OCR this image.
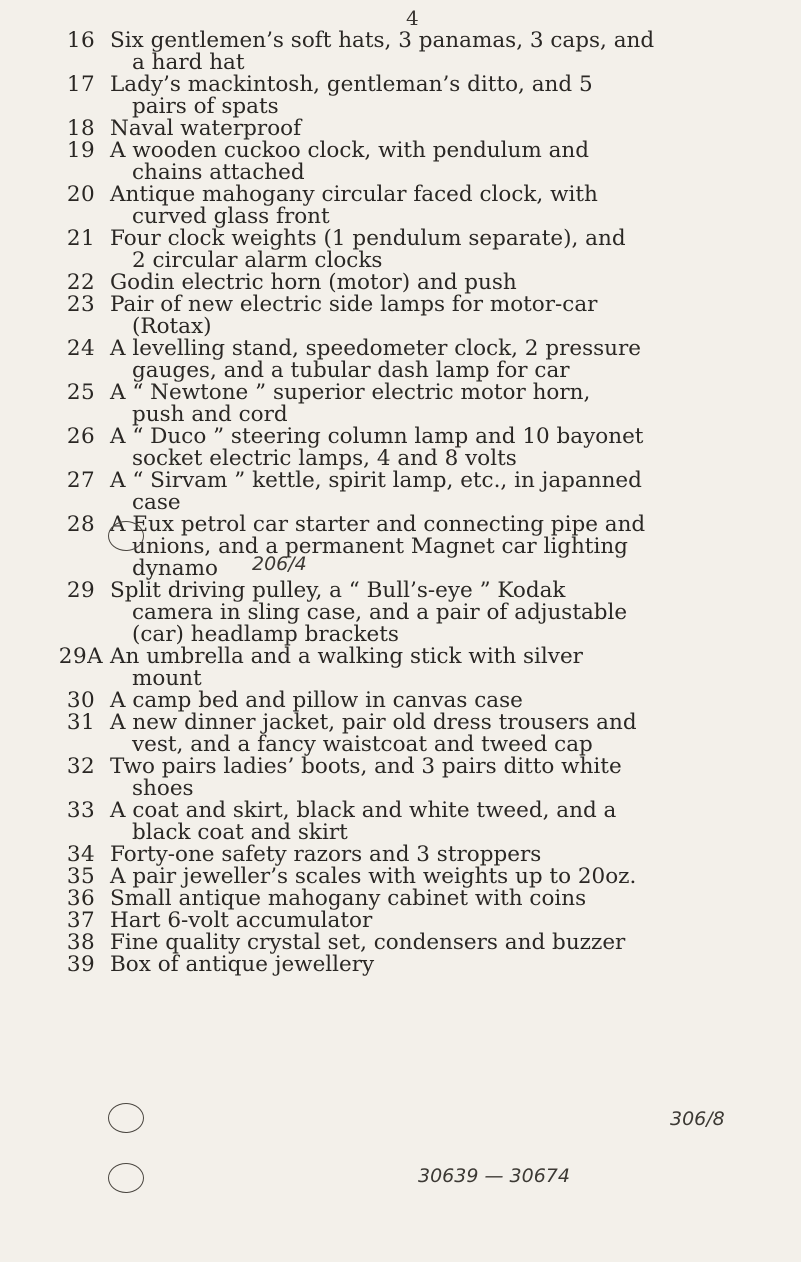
4
16 Six gentlemen’s soft hats, 3 panamas, 3 caps, and
a hard hat
17 Lady’s mackintosh, gentleman’s ditto, and 5
pairs of spats
18 Naval waterproof
19 A wooden cuckoo clock, with pendulum and
chains attached
20 Antique mahogany circular faced clock, with
curved glass front
21 Four clock weights (1 pendulum separate), and
2 circular alarm clocks
22 Godin electric horn (motor) and push
23 Pair of new electric side lamps for motor-car
(Rotax)
24 A levelling stand, speedometer clock, 2 pressure
gauges, and a tubular dash lamp for car
25 A “ Newtone ” superior electric motor horn,
push and cord
26 A “ Duco ” steering column lamp and 10 bayonet
socket electric lamps, 4 and 8 volts
27 A “ Sirvam ” kettle, spirit lamp, etc., in japanned
case
28 A Eux petrol car starter and connecting pipe and
unions, and a permanent Magnet car lighting
dynamo
29 Split driving pulley, a “ Bull’s-eye ” Kodak
camera in sling case, and a pair of adjustable
(car) headlamp brackets
29A An umbrella and a walking stick with silver
mount
30 A camp bed and pillow in canvas case
31 A new dinner jacket, pair old dress trousers and
vest, and a fancy waistcoat and tweed cap
32 Two pairs ladies’ boots, and 3 pairs ditto white
shoes
33 A coat and skirt, black and white tweed, and a
black coat and skirt
34 Forty-one safety razors and 3 stroppers
35 A pair jeweller’s scales with weights up to 20oz.
36 Small antique mahogany cabinet with coins
37 Hart 6-volt accumulator
38 Fine quality crystal set, condensers and buzzer
39 Box of antique jewellery
206/4
306/8
30639 — 30674
